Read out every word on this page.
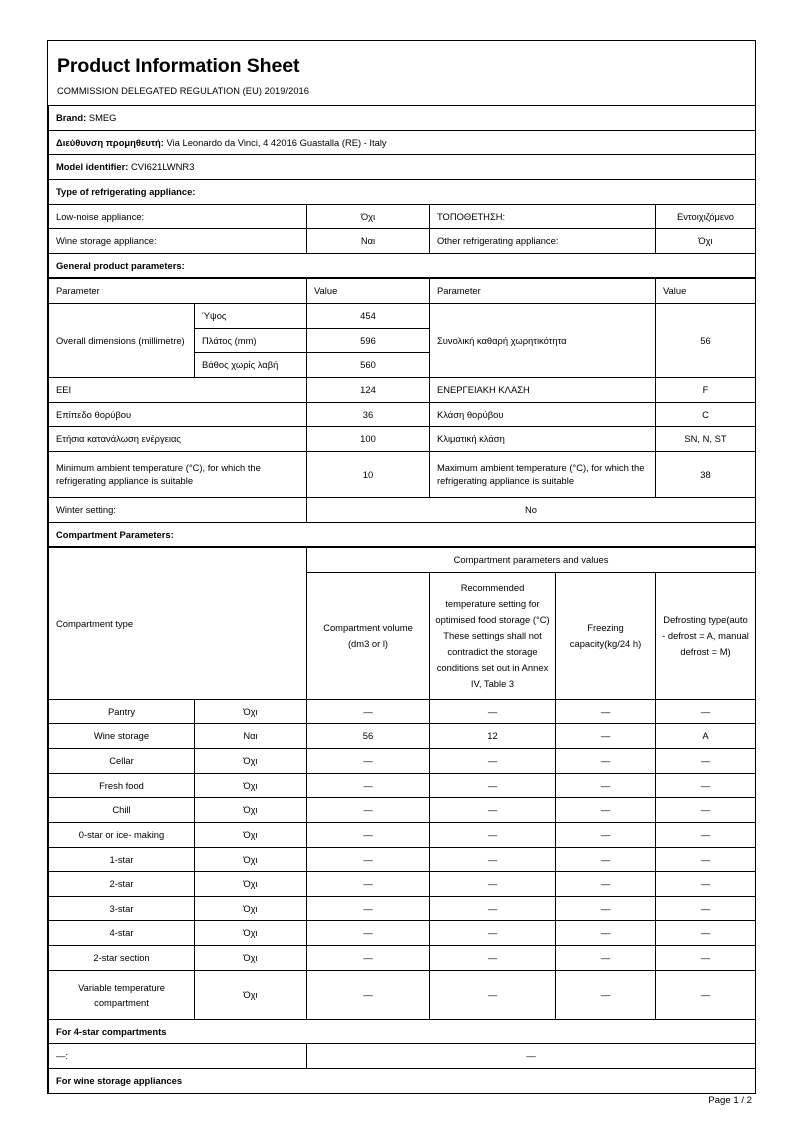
Product Information Sheet
COMMISSION DELEGATED REGULATION (EU) 2019/2016
Brand: SMEG			
Διεύθυνση προμηθευτή: Via Leonardo da Vinci, 4 42016 Guastalla (RE) - Italy			
Model identifier: CVI621LWNR3			
Type of refrigerating appliance:			
Low-noise appliance:	Όχι	ΤΟΠΟΘΕΤΗΣΗ:	Εντοιχιζόμενο
Wine storage appliance:	Ναι	Other refrigerating appliance:	Όχι
General product parameters:			
Parameter		Value	Parameter	Value
Overall dimensions (millimetre)	Ύψος	454	Συνολική καθαρή χωρητικότητα	56
	Πλάτος (mm)	596		
	Βάθος χωρίς λαβή	560		
EEI		124	ΕΝΕΡΓΕΙΑΚΗ ΚΛΑΣΗ	F
Επίπεδο θορύβου		36	Κλάση θορύβου	C
Ετήσια κατανάλωση ενέργειας		100	Κλιματική κλάση	SN, N, ST
Minimum ambient temperature (°C), for which the refrigerating appliance is suitable		10	Maximum ambient temperature (°C), for which the refrigerating appliance is suitable	38
Winter setting:		No		
Compartment Parameters:				
Compartment type		Compartment parameters and values			
		Compartment volume (dm3 or l)	Recommended temperature setting for optimised food storage (°C) These settings shall not contradict the storage conditions set out in Annex IV, Table 3	Freezing capacity(kg/24 h)	Defrosting type(auto - defrost = A, manual defrost = M)
Pantry	Όχι	—	—	—	—
Wine storage	Ναι	56	12	—	A
Cellar	Όχι	—	—	—	—
Fresh food	Όχι	—	—	—	—
Chill	Όχι	—	—	—	—
0-star or ice- making	Όχι	—	—	—	—
1-star	Όχι	—	—	—	—
2-star	Όχι	—	—	—	—
3-star	Όχι	—	—	—	—
4-star	Όχι	—	—	—	—
2-star section	Όχι	—	—	—	—
Variable temperature compartment	Όχι	—	—	—	—
For 4-star compartments					
—:		—			
For wine storage appliances					
Page 1 / 2
